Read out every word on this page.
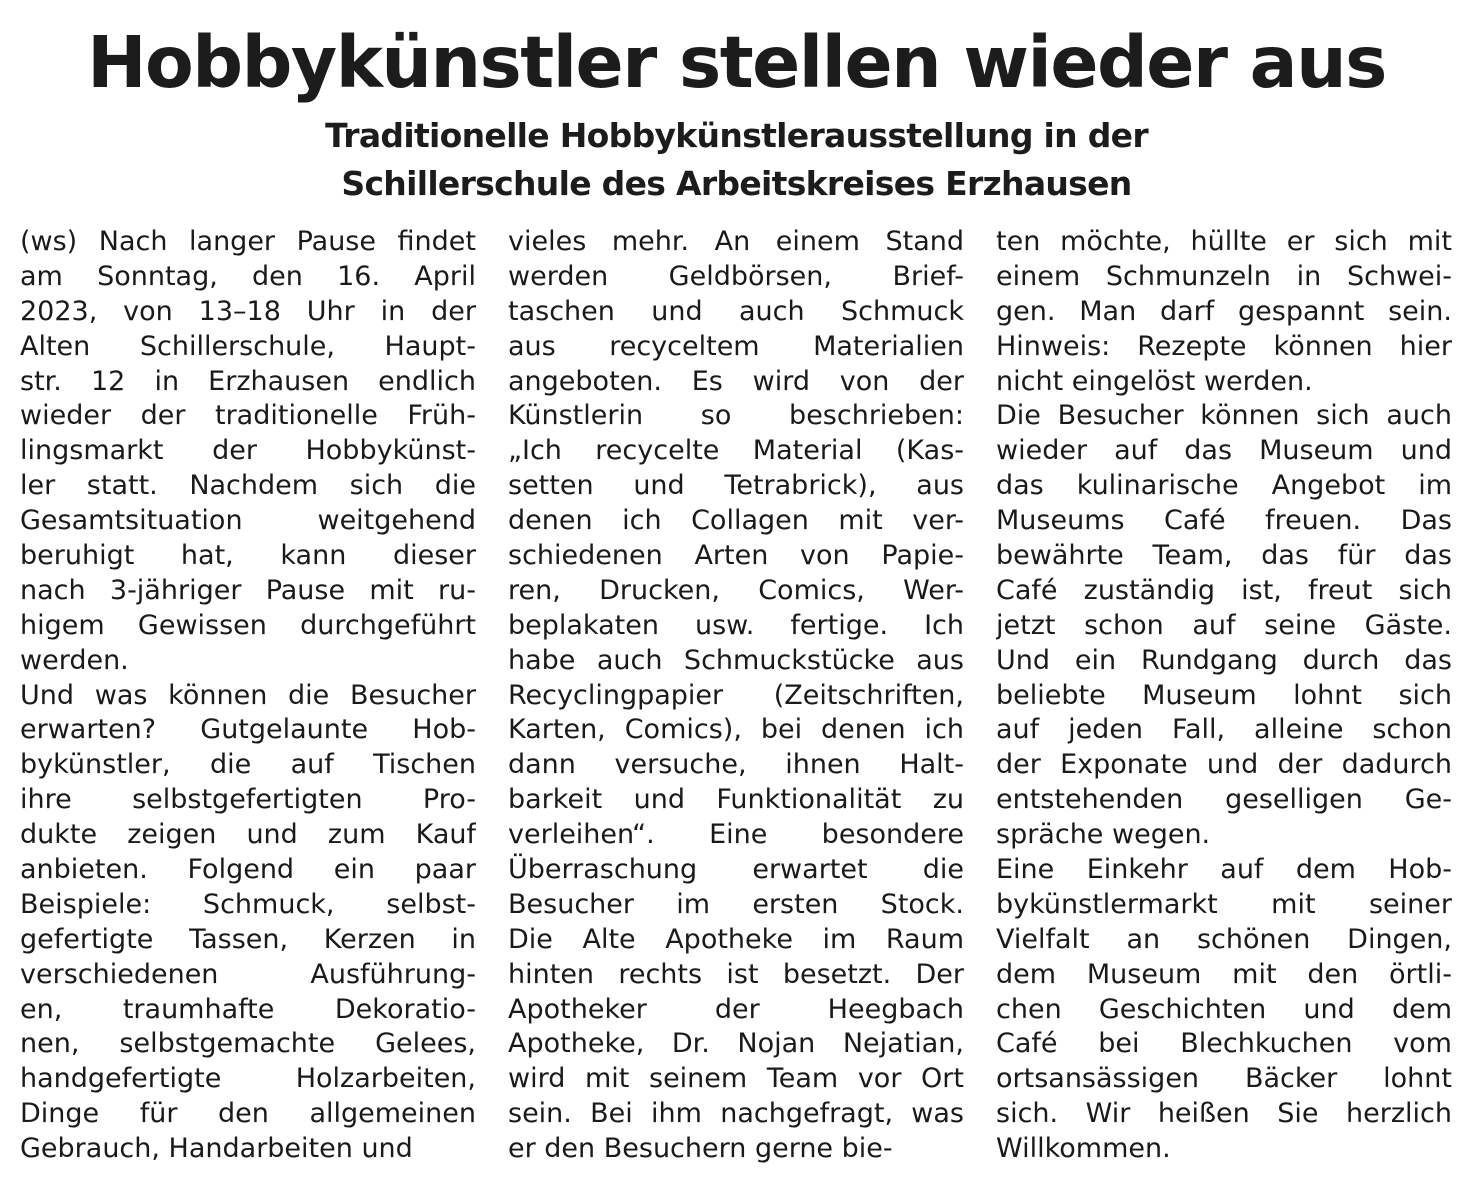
Hobbykünstler stellen wieder aus
Traditionelle Hobbykünstlerausstellung in der
Schillerschule des Arbeitskreises Erzhausen
(ws) Nach langer Pause findet
am Sonntag, den 16. April
2023, von 13–18 Uhr in der
Alten Schillerschule, Haupt-
str. 12 in Erzhausen endlich
wieder der traditionelle Früh-
lingsmarkt der Hobbykünst-
ler statt. Nachdem sich die
Gesamtsituation weitgehend
beruhigt hat, kann dieser
nach 3-jähriger Pause mit ru-
higem Gewissen durchgeführt
werden.
Und was können die Besucher
erwarten? Gutgelaunte Hob-
bykünstler, die auf Tischen
ihre selbstgefertigten Pro-
dukte zeigen und zum Kauf
anbieten. Folgend ein paar
Beispiele: Schmuck, selbst-
gefertigte Tassen, Kerzen in
verschiedenen Ausführung-
en, traumhafte Dekoratio-
nen, selbstgemachte Gelees,
handgefertigte Holzarbeiten,
Dinge für den allgemeinen
Gebrauch, Handarbeiten und
vieles mehr. An einem Stand
werden Geldbörsen, Brief-
taschen und auch Schmuck
aus recyceltem Materialien
angeboten. Es wird von der
Künstlerin so beschrieben:
„Ich recycelte Material (Kas-
setten und Tetrabrick), aus
denen ich Collagen mit ver-
schiedenen Arten von Papie-
ren, Drucken, Comics, Wer-
beplakaten usw. fertige. Ich
habe auch Schmuckstücke aus
Recyclingpapier (Zeitschriften,
Karten, Comics), bei denen ich
dann versuche, ihnen Halt-
barkeit und Funktionalität zu
verleihen“. Eine besondere
Überraschung erwartet die
Besucher im ersten Stock.
Die Alte Apotheke im Raum
hinten rechts ist besetzt. Der
Apotheker der Heegbach
Apotheke, Dr. Nojan Nejatian,
wird mit seinem Team vor Ort
sein. Bei ihm nachgefragt, was
er den Besuchern gerne bie-
ten möchte, hüllte er sich mit
einem Schmunzeln in Schwei-
gen. Man darf gespannt sein.
Hinweis: Rezepte können hier
nicht eingelöst werden.
Die Besucher können sich auch
wieder auf das Museum und
das kulinarische Angebot im
Museums Café freuen. Das
bewährte Team, das für das
Café zuständig ist, freut sich
jetzt schon auf seine Gäste.
Und ein Rundgang durch das
beliebte Museum lohnt sich
auf jeden Fall, alleine schon
der Exponate und der dadurch
entstehenden geselligen Ge-
spräche wegen.
Eine Einkehr auf dem Hob-
bykünstlermarkt mit seiner
Vielfalt an schönen Dingen,
dem Museum mit den örtli-
chen Geschichten und dem
Café bei Blechkuchen vom
ortsansässigen Bäcker lohnt
sich. Wir heißen Sie herzlich
Willkommen.
